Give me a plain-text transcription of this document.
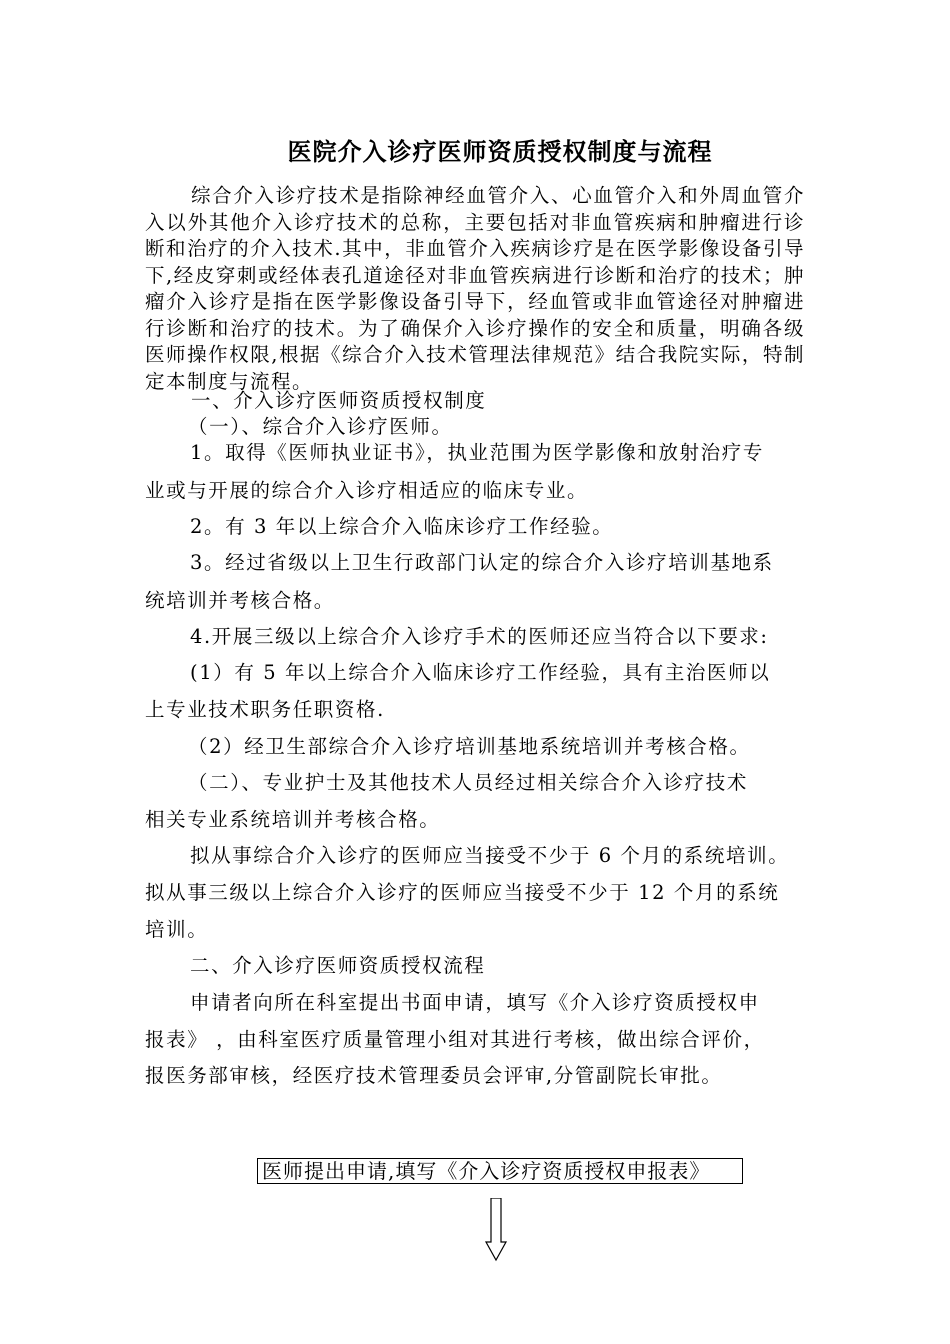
医院介入诊疗医师资质授权制度与流程
综合介入诊疗技术是指除神经血管介入、心血管介入和外周血管介入以外其他介入诊疗技术的总称，主要包括对非血管疾病和肿瘤进行诊断和治疗的介入技术.其中，非血管介入疾病诊疗是在医学影像设备引导下,经皮穿刺或经体表孔道途径对非血管疾病进行诊断和治疗的技术；肿瘤介入诊疗是指在医学影像设备引导下，经血管或非血管途径对肿瘤进行诊断和治疗的技术。为了确保介入诊疗操作的安全和质量，明确各级医师操作权限,根据《综合介入技术管理法律规范》结合我院实际，特制定本制度与流程。
一、介入诊疗医师资质授权制度
（一）、综合介入诊疗医师。
1。取得《医师执业证书》，执业范围为医学影像和放射治疗专
业或与开展的综合介入诊疗相适应的临床专业。
2。有 3 年以上综合介入临床诊疗工作经验。
3。经过省级以上卫生行政部门认定的综合介入诊疗培训基地系
统培训并考核合格。
4.开展三级以上综合介入诊疗手术的医师还应当符合以下要求:
(1）有 5 年以上综合介入临床诊疗工作经验，具有主治医师以
上专业技术职务任职资格.
（2）经卫生部综合介入诊疗培训基地系统培训并考核合格。
（二）、专业护士及其他技术人员经过相关综合介入诊疗技术
相关专业系统培训并考核合格。
拟从事综合介入诊疗的医师应当接受不少于 6 个月的系统培训。
拟从事三级以上综合介入诊疗的医师应当接受不少于 12 个月的系统
培训。
二、介入诊疗医师资质授权流程
申请者向所在科室提出书面申请，填写《介入诊疗资质授权申
报表》 ，由科室医疗质量管理小组对其进行考核，做出综合评价，
报医务部审核，经医疗技术管理委员会评审,分管副院长审批。
医师提出申请,填写《介入诊疗资质授权申报表》
